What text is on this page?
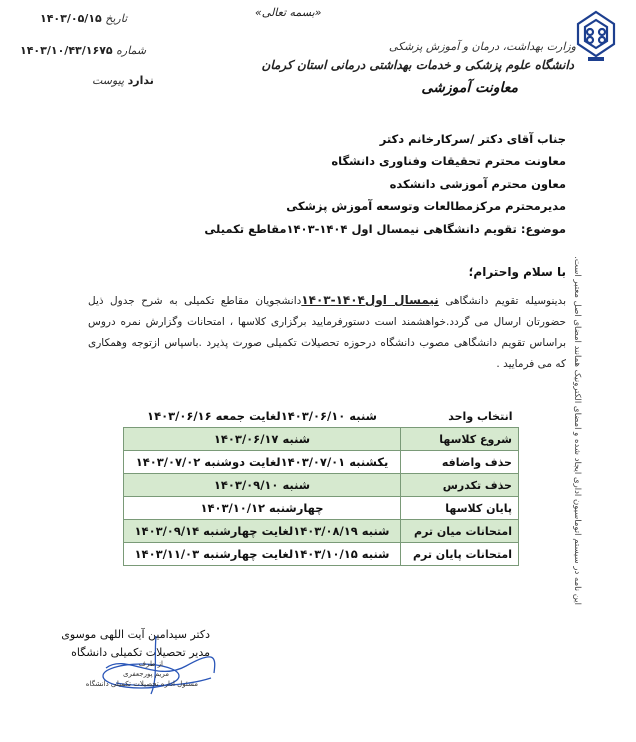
«بسمه تعالی»
۱۴۰۳/۰۵/۱۵ تاریخ
۱۴۰۳/۱۰/۴۳/۱۶۷۵ شماره
ندارد پیوست
وزارت بهداشت، درمان و آموزش پزشکی
دانشگاه علوم پزشکی و خدمات بهداشتی درمانی استان کرمان
معاونت آموزشی
جناب آقای دکتر /سرکارخانم دکتر
معاونت محترم تحقیقات وفناوری دانشگاه
معاون محترم آموزشی دانشکده
مدیرمحترم مرکزمطالعات وتوسعه آموزش پزشکی
موضوع: تقویم دانشگاهی نیمسال اول ۱۴۰۴-۱۴۰۳مقاطع تکمیلی
با سلام واحترام؛
بدینوسیله تقویم دانشگاهی نیمسال اول۱۴۰۴-۱۴۰۳دانشجویان مقاطع تکمیلی به شرح جدول ذیل حضورتان ارسال می گردد.خواهشمند است دستورفرمایید برگزاری کلاسها ، امتحانات وگزارش نمره دروس براساس تقویم دانشگاهی مصوب دانشگاه درحوزه تحصیلات تکمیلی صورت پذیرد .باسپاس ازتوجه وهمکاری که می فرمایید .
انتخاب واحد	شنبه ۱۴۰۳/۰۶/۱۰لغایت جمعه ۱۴۰۳/۰۶/۱۶
شروع کلاسها	شنبه ۱۴۰۳/۰۶/۱۷
حذف واضافه	یکشنبه ۱۴۰۳/۰۷/۰۱لغایت دوشنبه ۱۴۰۳/۰۷/۰۲
حذف تکدرس	شنبه ۱۴۰۳/۰۹/۱۰
پایان کلاسها	چهارشنبه ۱۴۰۳/۱۰/۱۲
امتحانات میان ترم	شنبه ۱۴۰۳/۰۸/۱۹لغایت چهارشنبه ۱۴۰۳/۰۹/۱۴
امتحانات پایان ترم	شنبه ۱۴۰۳/۱۰/۱۵لغایت چهارشنبه ۱۴۰۳/۱۱/۰۳	این نامه در سیستم اتوماسیون اداری ایجاد شده و امضای الکترونیک همانند امضای اصل معتبر است.
دکتر سیدامین آیت اللهی موسوی
مدیر تحصیلات تکمیلی دانشگاه
از طرف
مریم پورجعفری
مسئول اداره تحصیلات تکمیلی دانشگاه
